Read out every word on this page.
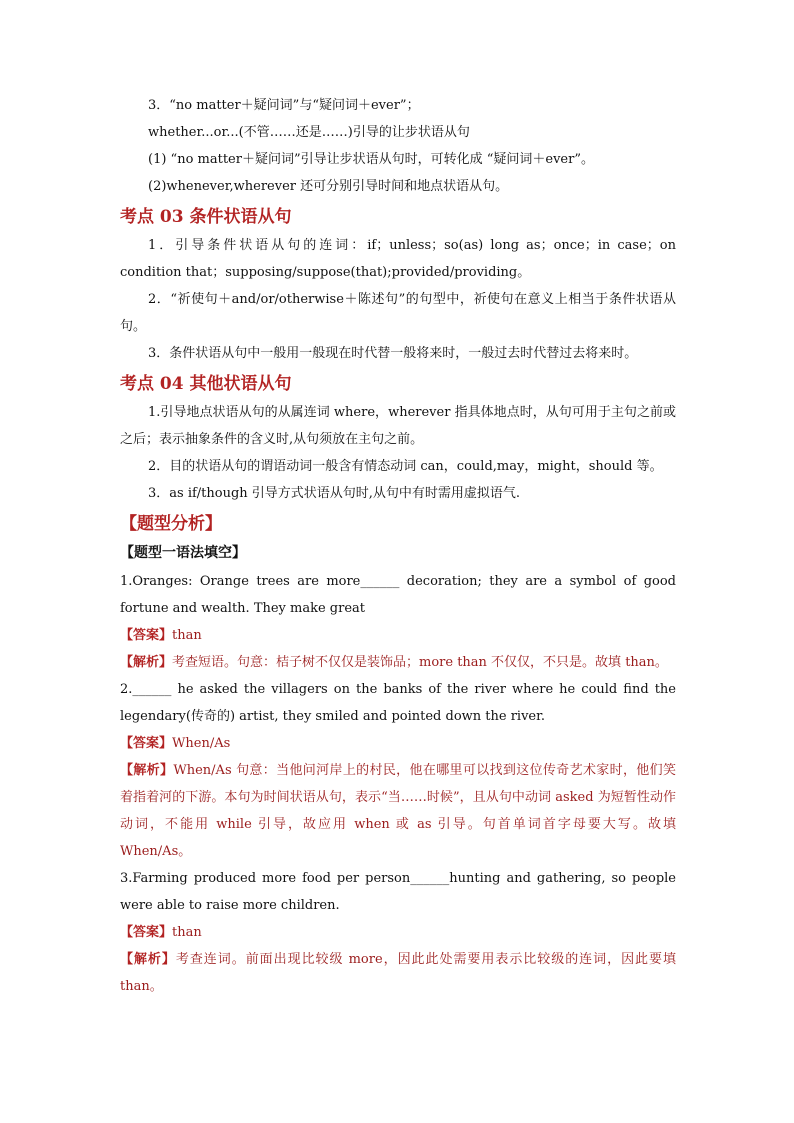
3．“no matter＋疑问词”与“疑问词＋ever”；
whether...or...(不管……还是……)引导的让步状语从句
(1) “no matter＋疑问词”引导让步状语从句时，可转化成 “疑问词＋ever”。
(2)whenever,wherever 还可分别引导时间和地点状语从句。
考点 03 条件状语从句
1．引导条件状语从句的连词：if；unless；so(as) long as；once；in case；on condition that；supposing/suppose(that);provided/providing。
2．“祈使句＋and/or/otherwise＋陈述句”的句型中，祈使句在意义上相当于条件状语从句。
3．条件状语从句中一般用一般现在时代替一般将来时，一般过去时代替过去将来时。
考点 04 其他状语从句
1.引导地点状语从句的从属连词 where，wherever 指具体地点时，从句可用于主句之前或之后；表示抽象条件的含义时,从句须放在主句之前。
2．目的状语从句的谓语动词一般含有情态动词 can，could,may，might，should 等。
3．as if/though 引导方式状语从句时,从句中有时需用虚拟语气.
【题型分析】
【题型一语法填空】
1.Oranges: Orange trees are more______ decoration; they are a symbol of good fortune and wealth. They make great
【答案】than
【解析】考查短语。句意：桔子树不仅仅是装饰品；more than 不仅仅，不只是。故填 than。
2.______ he asked the villagers on the banks of the river where he could find the legendary(传奇的) artist, they smiled and pointed down the river.
【答案】When/As
【解析】When/As 句意：当他问河岸上的村民，他在哪里可以找到这位传奇艺术家时，他们笑着指着河的下游。本句为时间状语从句，表示“当……时候”，且从句中动词 asked 为短暂性动作动词，不能用 while 引导，故应用 when 或 as 引导。句首单词首字母要大写。故填 When/As。
3.Farming produced more food per person______hunting and gathering, so people were able to raise more children.
【答案】than
【解析】考查连词。前面出现比较级 more，因此此处需要用表示比较级的连词，因此要填 than。
